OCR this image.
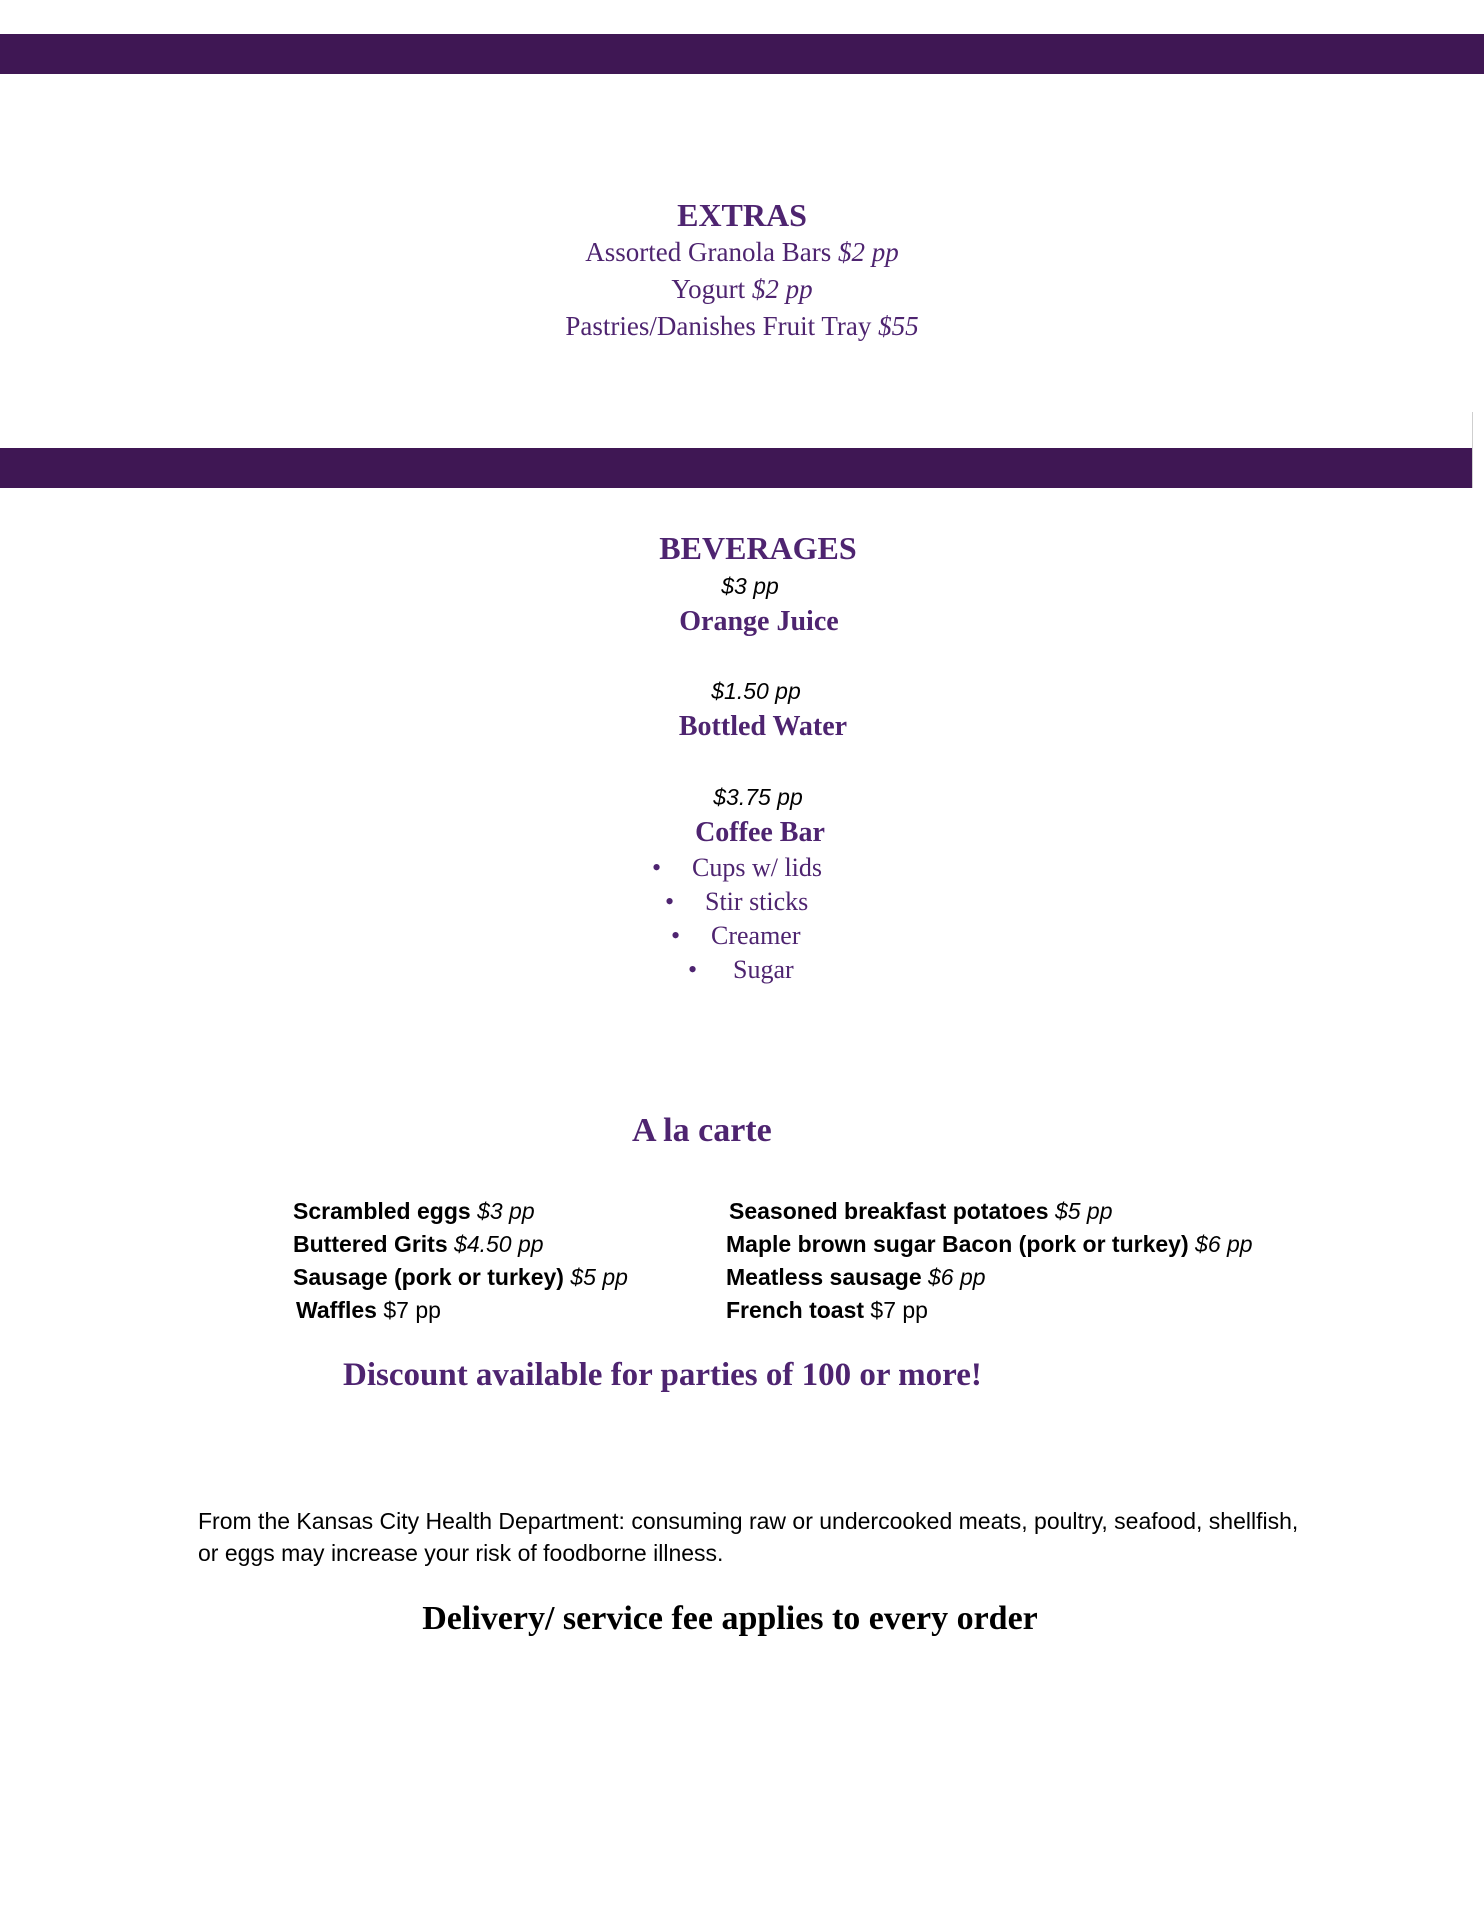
EXTRAS
Assorted Granola Bars $2 pp
Yogurt $2 pp
Pastries/Danishes Fruit Tray $55
BEVERAGES
$3 pp
Orange Juice
$1.50 pp
Bottled Water
$3.75 pp
Coffee Bar
• Cups w/ lids
• Stir sticks
• Creamer
• Sugar
A la carte
Scrambled eggs $3 pp
Buttered Grits $4.50 pp
Sausage (pork or turkey) $5 pp
Waffles $7 pp
Seasoned breakfast potatoes $5 pp
Maple brown sugar Bacon (pork or turkey) $6 pp
Meatless sausage $6 pp
French toast $7 pp
Discount available for parties of 100 or more!
From the Kansas City Health Department: consuming raw or undercooked meats, poultry, seafood, shellfish, or eggs may increase your risk of foodborne illness.
Delivery/ service fee applies to every order
